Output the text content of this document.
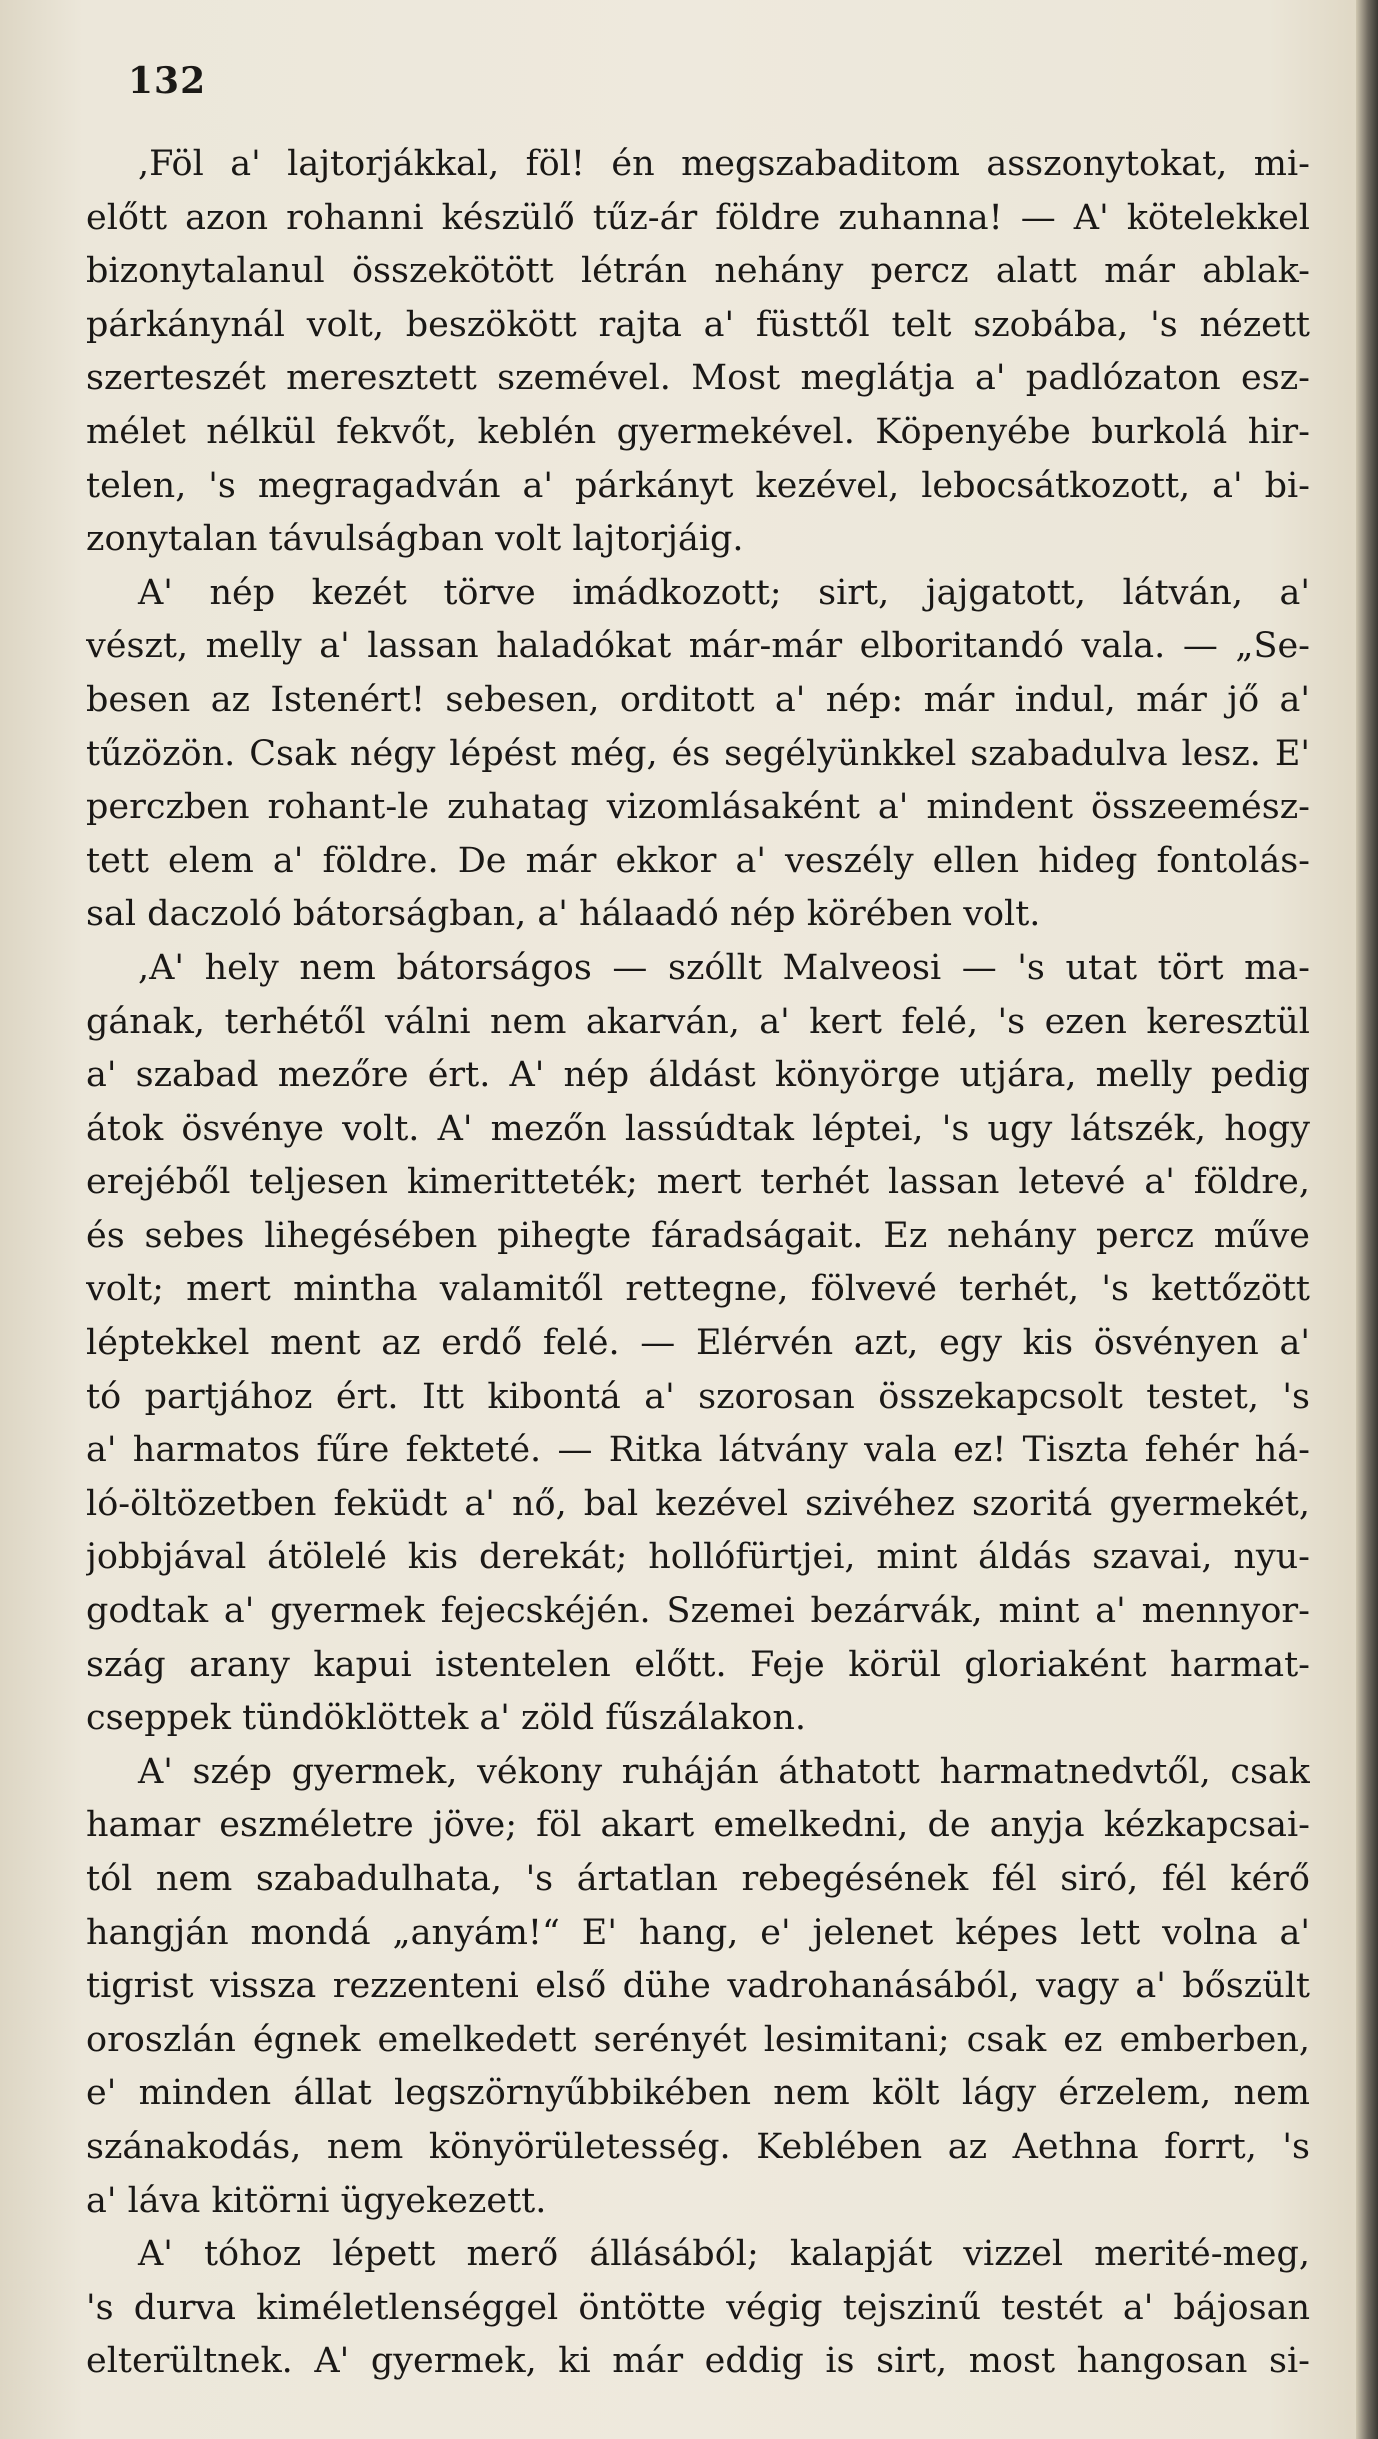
132
,Föl a' lajtorjákkal, föl! én megszabaditom asszonytokat, mi-
előtt azon rohanni készülő tűz-ár földre zuhanna! — A' kötelekkel
bizonytalanul összekötött létrán nehány percz alatt már ablak-
párkánynál volt, beszökött rajta a' füsttől telt szobába, 's nézett
szerteszét meresztett szemével. Most meglátja a' padlózaton esz-
mélet nélkül fekvőt, keblén gyermekével. Köpenyébe burkolá hir-
telen, 's megragadván a' párkányt kezével, lebocsátkozott, a' bi-
zonytalan távulságban volt lajtorjáig.
A' nép kezét törve imádkozott; sirt, jajgatott, látván, a'
vészt, melly a' lassan haladókat már-már elboritandó vala. — „Se-
besen az Istenért! sebesen, orditott a' nép: már indul, már jő a'
tűzözön. Csak négy lépést még, és segélyünkkel szabadulva lesz. E'
perczben rohant-le zuhatag vizomlásaként a' mindent összeemész-
tett elem a' földre. De már ekkor a' veszély ellen hideg fontolás-
sal daczoló bátorságban, a' hálaadó nép körében volt.
,A' hely nem bátorságos — szóllt Malveosi — 's utat tört ma-
gának, terhétől válni nem akarván, a' kert felé, 's ezen keresztül
a' szabad mezőre ért. A' nép áldást könyörge utjára, melly pedig
átok ösvénye volt. A' mezőn lassúdtak léptei, 's ugy látszék, hogy
erejéből teljesen kimeritteték; mert terhét lassan letevé a' földre,
és sebes lihegésében pihegte fáradságait. Ez nehány percz műve
volt; mert mintha valamitől rettegne, fölvevé terhét, 's kettőzött
léptekkel ment az erdő felé. — Elérvén azt, egy kis ösvényen a'
tó partjához ért. Itt kibontá a' szorosan összekapcsolt testet, 's
a' harmatos fűre fekteté. — Ritka látvány vala ez! Tiszta fehér há-
ló-öltözetben feküdt a' nő, bal kezével szivéhez szoritá gyermekét,
jobbjával átölelé kis derekát; hollófürtjei, mint áldás szavai, nyu-
godtak a' gyermek fejecskéjén. Szemei bezárvák, mint a' mennyor-
szág arany kapui istentelen előtt. Feje körül gloriaként harmat-
cseppek tündöklöttek a' zöld fűszálakon.
A' szép gyermek, vékony ruháján áthatott harmatnedvtől, csak
hamar eszméletre jöve; föl akart emelkedni, de anyja kézkapcsai-
tól nem szabadulhata, 's ártatlan rebegésének fél siró, fél kérő
hangján mondá „anyám!“ E' hang, e' jelenet képes lett volna a'
tigrist vissza rezzenteni első dühe vadrohanásából, vagy a' bőszült
oroszlán égnek emelkedett serényét lesimitani; csak ez emberben,
e' minden állat legszörnyűbbikében nem költ lágy érzelem, nem
szánakodás, nem könyörületesség. Keblében az Aethna forrt, 's
a' láva kitörni ügyekezett.
A' tóhoz lépett merő állásából; kalapját vizzel merité-meg,
's durva kiméletlenséggel öntötte végig tejszinű testét a' bájosan
elterültnek. A' gyermek, ki már eddig is sirt, most hangosan si-
